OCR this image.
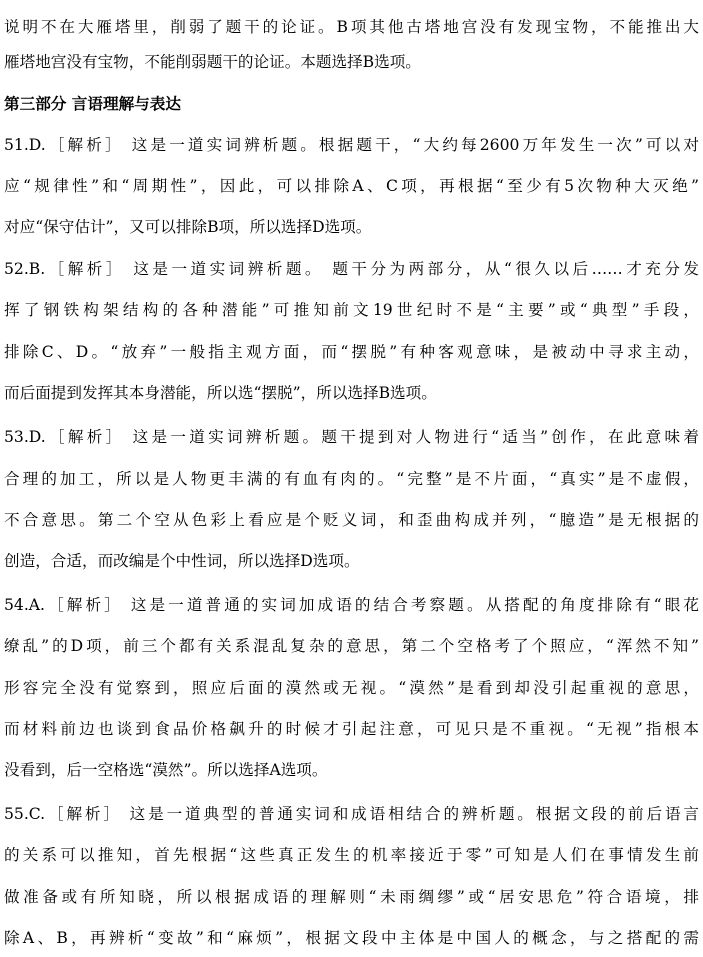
说明不在大雁塔里，削弱了题干的论证。B项其他古塔地宫没有发现宝物，不能推出大
雁塔地宫没有宝物，不能削弱题干的论证。本题选择B选项。
第三部分 言语理解与表达
51.D.［解析］ 这是一道实词辨析题。根据题干，“大约每2600万年发生一次”可以对
应“规律性”和“周期性”，因此，可以排除A、C项，再根据“至少有5次物种大灭绝”
对应“保守估计”，又可以排除B项，所以选择D选项。
52.B.［解析］ 这是一道实词辨析题。 题干分为两部分，从“很久以后……才充分发
挥了钢铁构架结构的各种潜能”可推知前文19世纪时不是“主要”或“典型”手段，
排除C、D。“放弃”一般指主观方面，而“摆脱”有种客观意味，是被动中寻求主动，
而后面提到发挥其本身潜能，所以选“摆脱”，所以选择B选项。
53.D.［解析］ 这是一道实词辨析题。题干提到对人物进行“适当”创作，在此意味着
合理的加工，所以是人物更丰满的有血有肉的。“完整”是不片面，“真实”是不虚假，
不合意思。第二个空从色彩上看应是个贬义词，和歪曲构成并列，“臆造”是无根据的
创造，合适，而改编是个中性词，所以选择D选项。
54.A.［解析］ 这是一道普通的实词加成语的结合考察题。从搭配的角度排除有“眼花
缭乱”的D项，前三个都有关系混乱复杂的意思，第二个空格考了个照应，“浑然不知”
形容完全没有觉察到，照应后面的漠然或无视。“漠然”是看到却没引起重视的意思，
而材料前边也谈到食品价格飙升的时候才引起注意，可见只是不重视。“无视”指根本
没看到，后一空格选“漠然”。所以选择A选项。
55.C.［解析］ 这是一道典型的普通实词和成语相结合的辨析题。根据文段的前后语言
的关系可以推知，首先根据“这些真正发生的机率接近于零”可知是人们在事情发生前
做准备或有所知晓，所以根据成语的理解则“未雨绸缪”或“居安思危”符合语境，排
除A、B，再辨析“变故”和“麻烦”，根据文段中主体是中国人的概念，与之搭配的需
